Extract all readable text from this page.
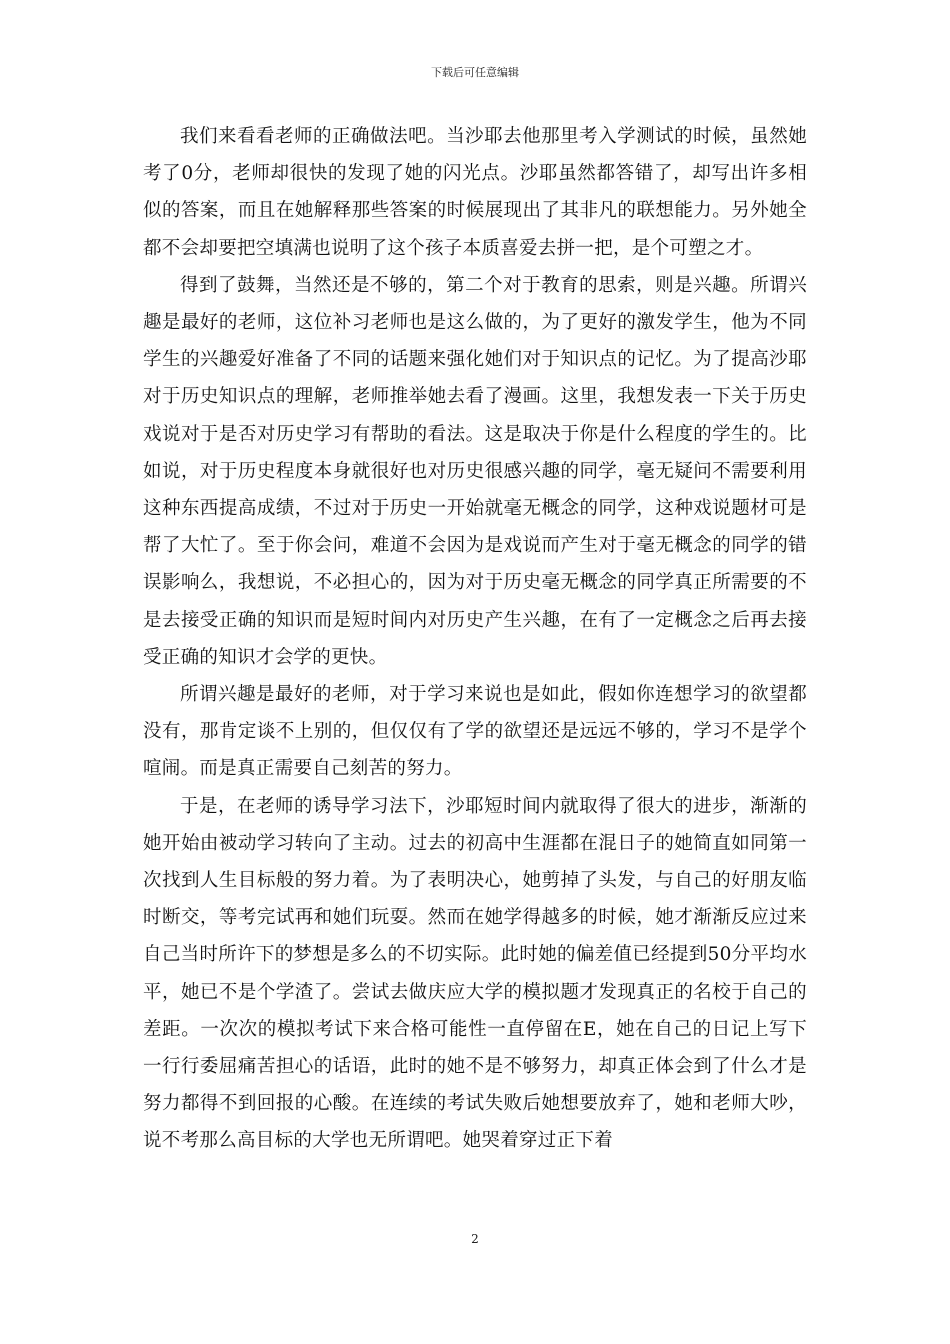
下载后可任意编辑

我们来看看老师的正确做法吧。当沙耶去他那里考入学测试的时候，虽然她考了0分，老师却很快的发现了她的闪光点。沙耶虽然都答错了，却写出许多相似的答案，而且在她解释那些答案的时候展现出了其非凡的联想能力。另外她全都不会却要把空填满也说明了这个孩子本质喜爱去拼一把，是个可塑之才。

得到了鼓舞，当然还是不够的，第二个对于教育的思索，则是兴趣。所谓兴趣是最好的老师，这位补习老师也是这么做的，为了更好的激发学生，他为不同学生的兴趣爱好准备了不同的话题来强化她们对于知识点的记忆。为了提高沙耶对于历史知识点的理解，老师推举她去看了漫画。这里，我想发表一下关于历史戏说对于是否对历史学习有帮助的看法。这是取决于你是什么程度的学生的。比如说，对于历史程度本身就很好也对历史很感兴趣的同学，毫无疑问不需要利用这种东西提高成绩，不过对于历史一开始就毫无概念的同学，这种戏说题材可是帮了大忙了。至于你会问，难道不会因为是戏说而产生对于毫无概念的同学的错误影响么，我想说，不必担心的，因为对于历史毫无概念的同学真正所需要的不是去接受正确的知识而是短时间内对历史产生兴趣，在有了一定概念之后再去接受正确的知识才会学的更快。

所谓兴趣是最好的老师，对于学习来说也是如此，假如你连想学习的欲望都没有，那肯定谈不上别的，但仅仅有了学的欲望还是远远不够的，学习不是学个喧闹。而是真正需要自己刻苦的努力。

于是，在老师的诱导学习法下，沙耶短时间内就取得了很大的进步，渐渐的她开始由被动学习转向了主动。过去的初高中生涯都在混日子的她简直如同第一次找到人生目标般的努力着。为了表明决心，她剪掉了头发，与自己的好朋友临时断交，等考完试再和她们玩耍。然而在她学得越多的时候，她才渐渐反应过来自己当时所许下的梦想是多么的不切实际。此时她的偏差值已经提到50分平均水平，她已不是个学渣了。尝试去做庆应大学的模拟题才发现真正的名校于自己的差距。一次次的模拟考试下来合格可能性一直停留在E，她在自己的日记上写下一行行委屈痛苦担心的话语，此时的她不是不够努力，却真正体会到了什么才是努力都得不到回报的心酸。在连续的考试失败后她想要放弃了，她和老师大吵，说不考那么高目标的大学也无所谓吧。她哭着穿过正下着

2
